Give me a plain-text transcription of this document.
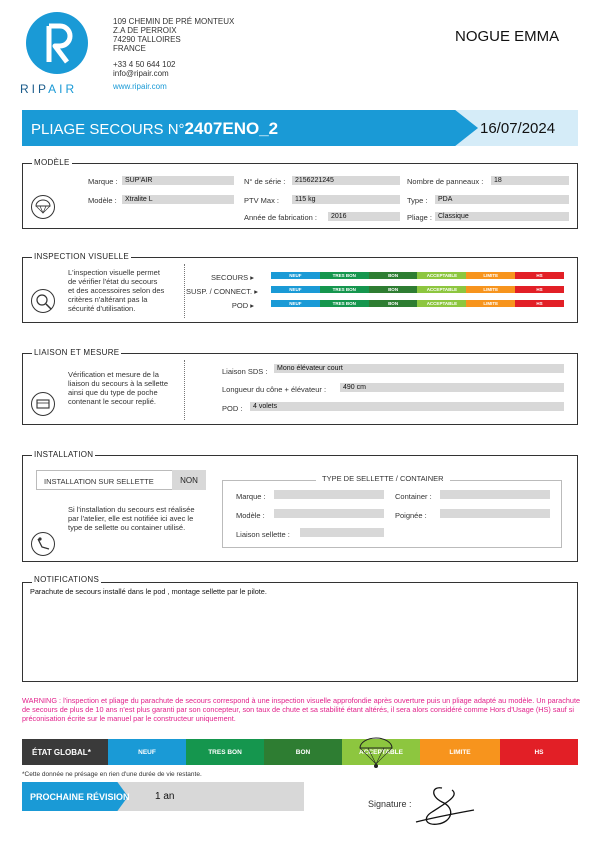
RIPAIR
109 CHEMIN DE PRÉ MONTEUX
Z.A DE PERROIX
74290 TALLOIRES
FRANCE
+33 4 50 644 102
info@ripair.com
www.ripair.com
NOGUE EMMA
PLIAGE SECOURS N°2407ENO_2	16/07/2024
MODÈLE
Marque :	SUP'AIR
Modèle :	Xtralite L
N° de série :	2156221245
PTV Max :	115 kg
Année de fabrication :	2016
Nombre de panneaux :	18
Type :	PDA
Pliage : Classique
INSPECTION VISUELLE
L'inspection visuelle permet
de vérifier l'état du secours
et des accessoires selon des
critères n'altérant pas la
sécurité d'utilisation.
SECOURS ▸
SUSP. / CONNECT. ▸
POD ▸
NEUF	TRES BON	BON	ACCEPTABLE	LIMITE	HS
NEUF	TRES BON	BON	ACCEPTABLE	LIMITE	HS
NEUF	TRES BON	BON	ACCEPTABLE	LIMITE	HS
LIAISON ET MESURE
Vérification et mesure de la
liaison du secours à la sellette
ainsi que du type de poche
contenant le secour replié.
Liaison SDS :	Mono élévateur court
Longueur du cône + élévateur :	490 cm
POD :	4 volets
INSTALLATION
INSTALLATION SUR SELLETTE	NON
Si l'installation du secours est réalisée
par l'atelier, elle est notifiée ici avec le
type de sellette ou container utilisé.
TYPE DE SELLETTE / CONTAINER
Marque :	Container :
Modèle :	Poignée :
Liaison sellette :
NOTIFICATIONS
Parachute de secours installé dans le pod , montage sellette par le pilote.
WARNING : l'inspection et pliage du parachute de secours correspond à une inspection visuelle approfondie après ouverture puis un pliage adapté au modèle. Un parachute de secours de plus de 10 ans n'est plus garanti par son concepteur, son taux de chute et sa stabilité étant altérés, il sera alors considéré comme Hors d'Usage (HS) sauf si préconisation écrite sur le manuel par le constructeur uniquement.
ÉTAT GLOBAL*	NEUF	TRES BON	BON	ACCEPTABLE	LIMITE	HS
*Cette donnée ne présage en rien d'une durée de vie restante.
PROCHAINE RÉVISION	1 an
Signature :
